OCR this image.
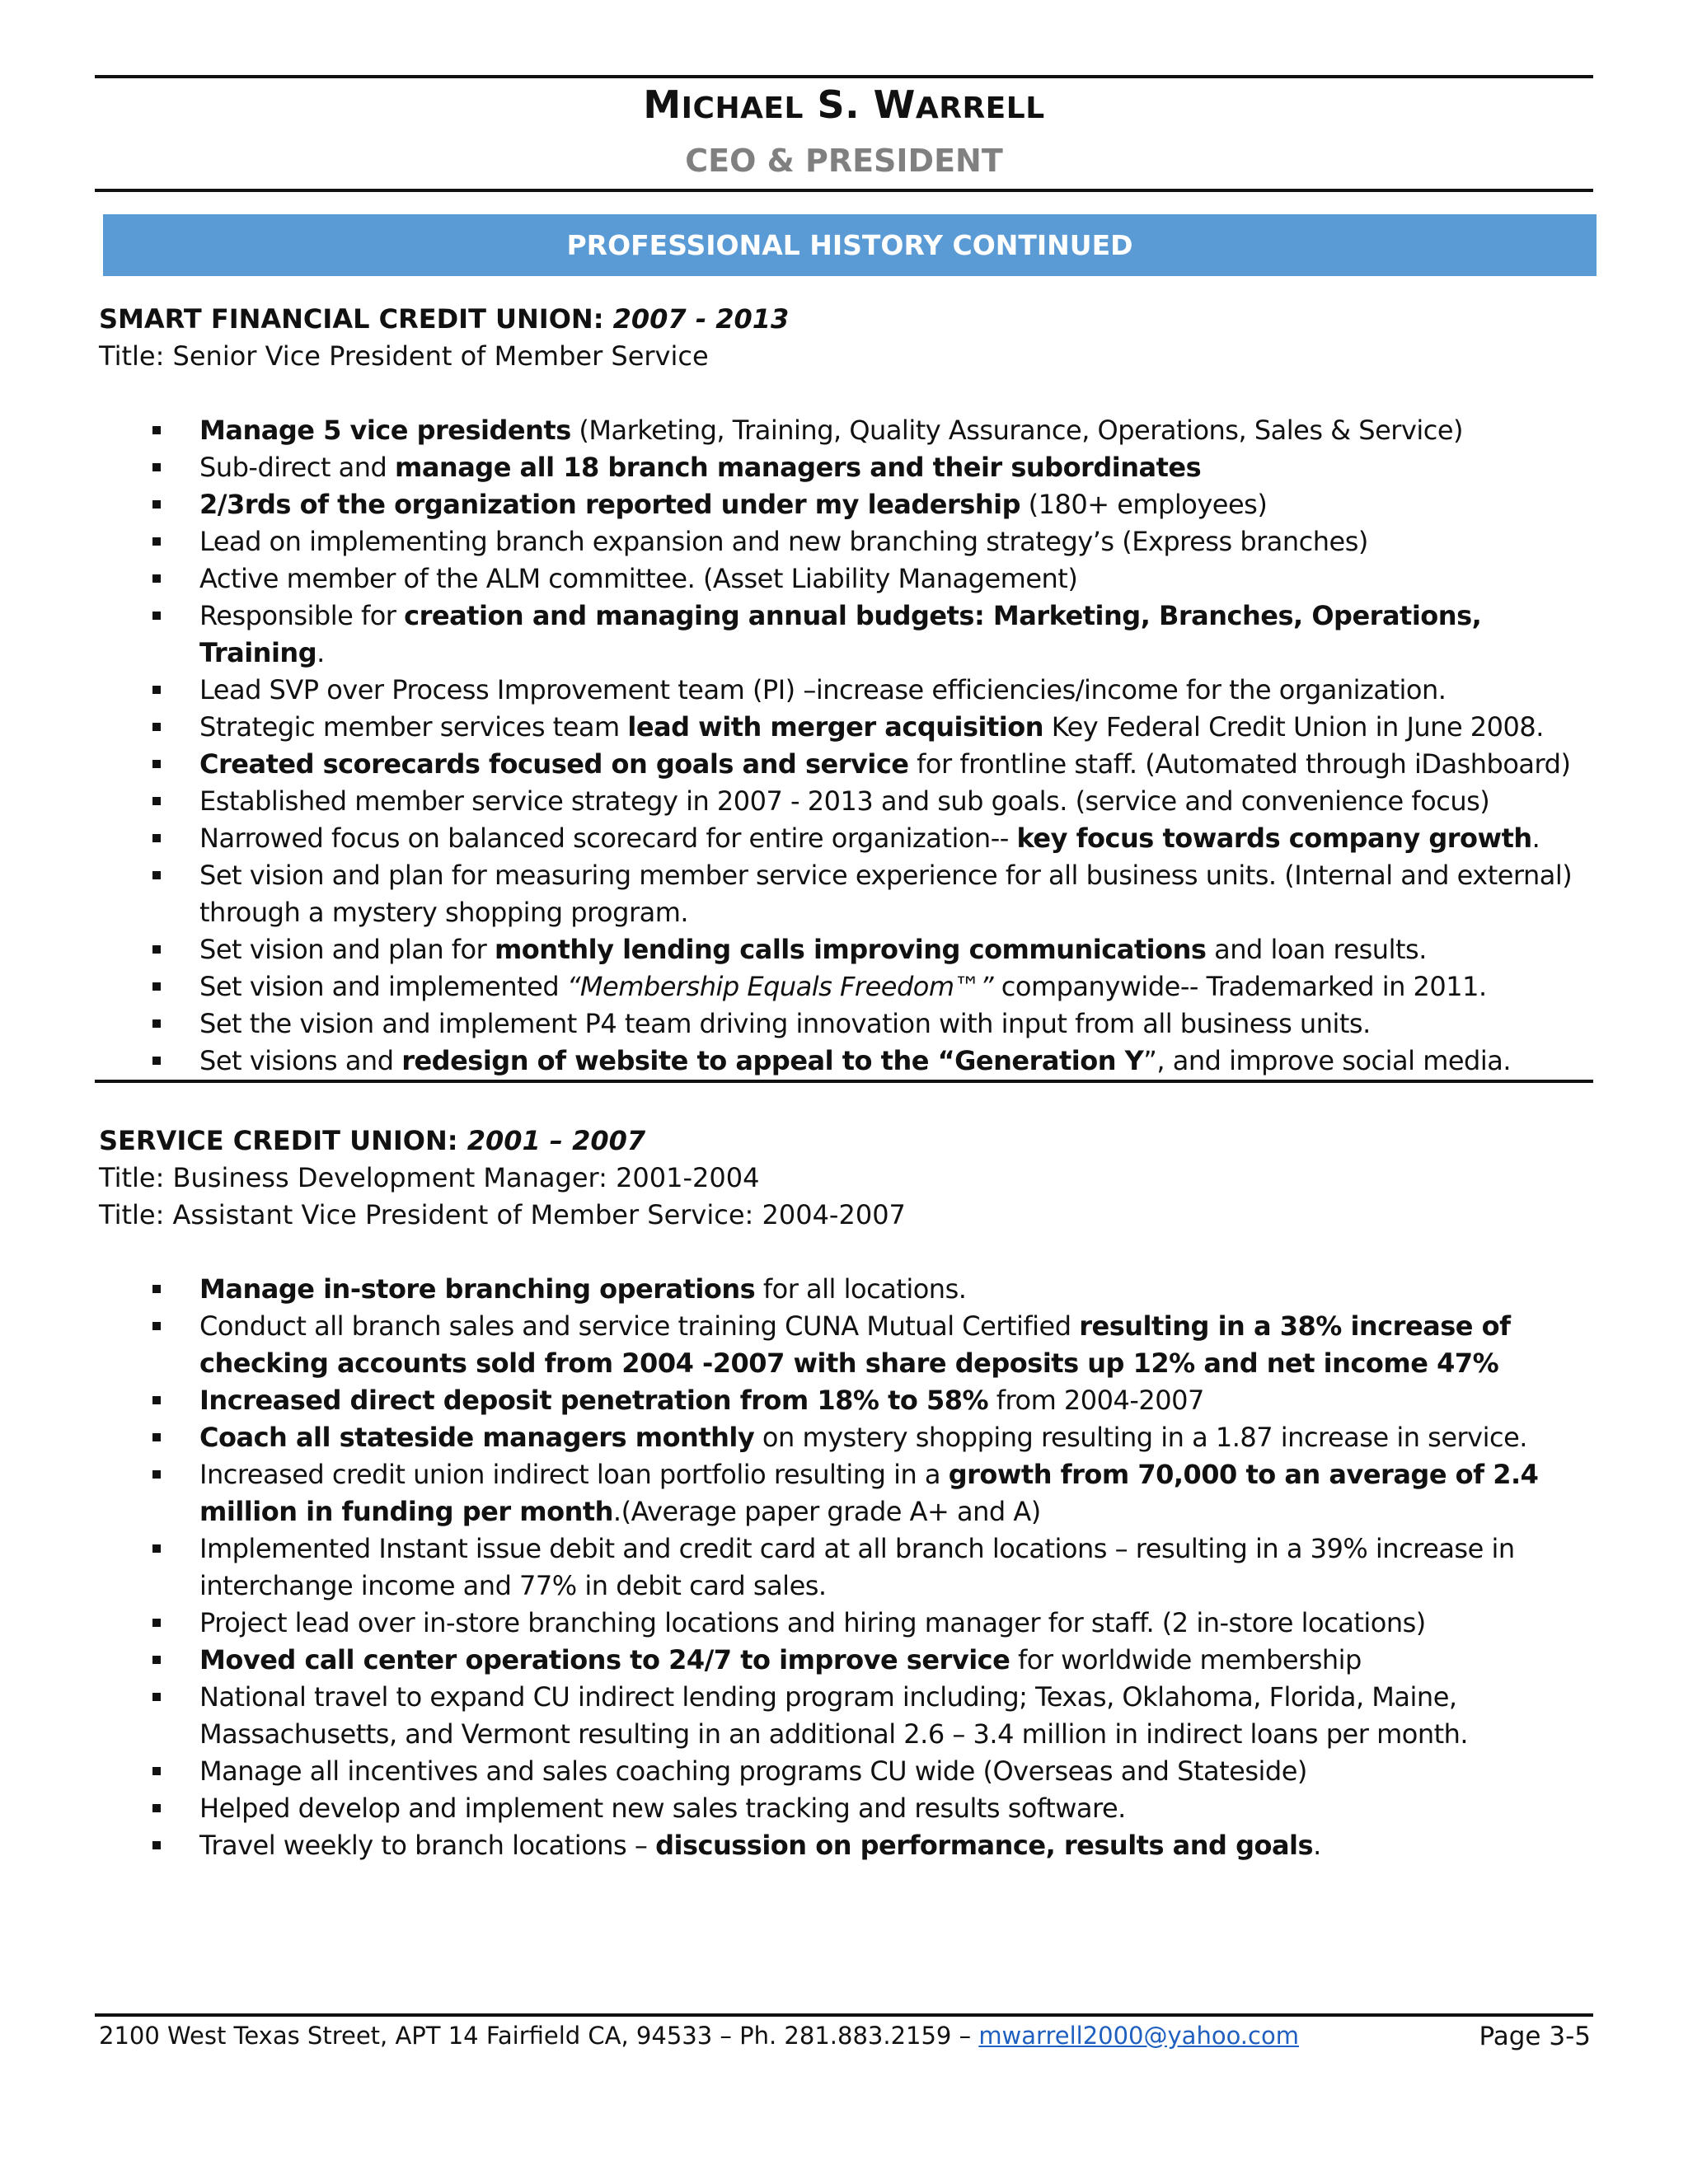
MICHAEL S. WARRELL
CEO & PRESIDENT
PROFESSIONAL HISTORY CONTINUED
SMART FINANCIAL CREDIT UNION: 2007 - 2013
Title: Senior Vice President of Member Service
Manage 5 vice presidents (Marketing, Training, Quality Assurance, Operations, Sales & Service)
Sub-direct and manage all 18 branch managers and their subordinates
2/3rds of the organization reported under my leadership (180+ employees)
Lead on implementing branch expansion and new branching strategy’s (Express branches)
Active member of the ALM committee. (Asset Liability Management)
Responsible for creation and managing annual budgets: Marketing, Branches, Operations, Training.
Lead SVP over Process Improvement team (PI) –increase efficiencies/income for the organization.
Strategic member services team lead with merger acquisition Key Federal Credit Union in June 2008.
Created scorecards focused on goals and service for frontline staff. (Automated through iDashboard)
Established member service strategy in 2007 - 2013 and sub goals. (service and convenience focus)
Narrowed focus on balanced scorecard for entire organization-- key focus towards company growth.
Set vision and plan for measuring member service experience for all business units. (Internal and external) through a mystery shopping program.
Set vision and plan for monthly lending calls improving communications and loan results.
Set vision and implemented “Membership Equals Freedom™” companywide-- Trademarked in 2011.
Set the vision and implement P4 team driving innovation with input from all business units.
Set visions and redesign of website to appeal to the “Generation Y”, and improve social media.
SERVICE CREDIT UNION: 2001 – 2007
Title: Business Development Manager: 2001-2004
Title: Assistant Vice President of Member Service: 2004-2007
Manage in-store branching operations for all locations.
Conduct all branch sales and service training CUNA Mutual Certified resulting in a 38% increase of checking accounts sold from 2004 -2007 with share deposits up 12% and net income 47%
Increased direct deposit penetration from 18% to 58% from 2004-2007
Coach all stateside managers monthly on mystery shopping resulting in a 1.87 increase in service.
Increased credit union indirect loan portfolio resulting in a growth from 70,000 to an average of 2.4 million in funding per month.(Average paper grade A+ and A)
Implemented Instant issue debit and credit card at all branch locations – resulting in a 39% increase in interchange income and 77% in debit card sales.
Project lead over in-store branching locations and hiring manager for staff. (2 in-store locations)
Moved call center operations to 24/7 to improve service for worldwide membership
National travel to expand CU indirect lending program including; Texas, Oklahoma, Florida, Maine, Massachusetts, and Vermont resulting in an additional 2.6 – 3.4 million in indirect loans per month.
Manage all incentives and sales coaching programs CU wide (Overseas and Stateside)
Helped develop and implement new sales tracking and results software.
Travel weekly to branch locations – discussion on performance, results and goals.
2100 West Texas Street, APT 14 Fairfield CA, 94533 – Ph. 281.883.2159 – mwarrell2000@yahoo.com	Page 3-5
